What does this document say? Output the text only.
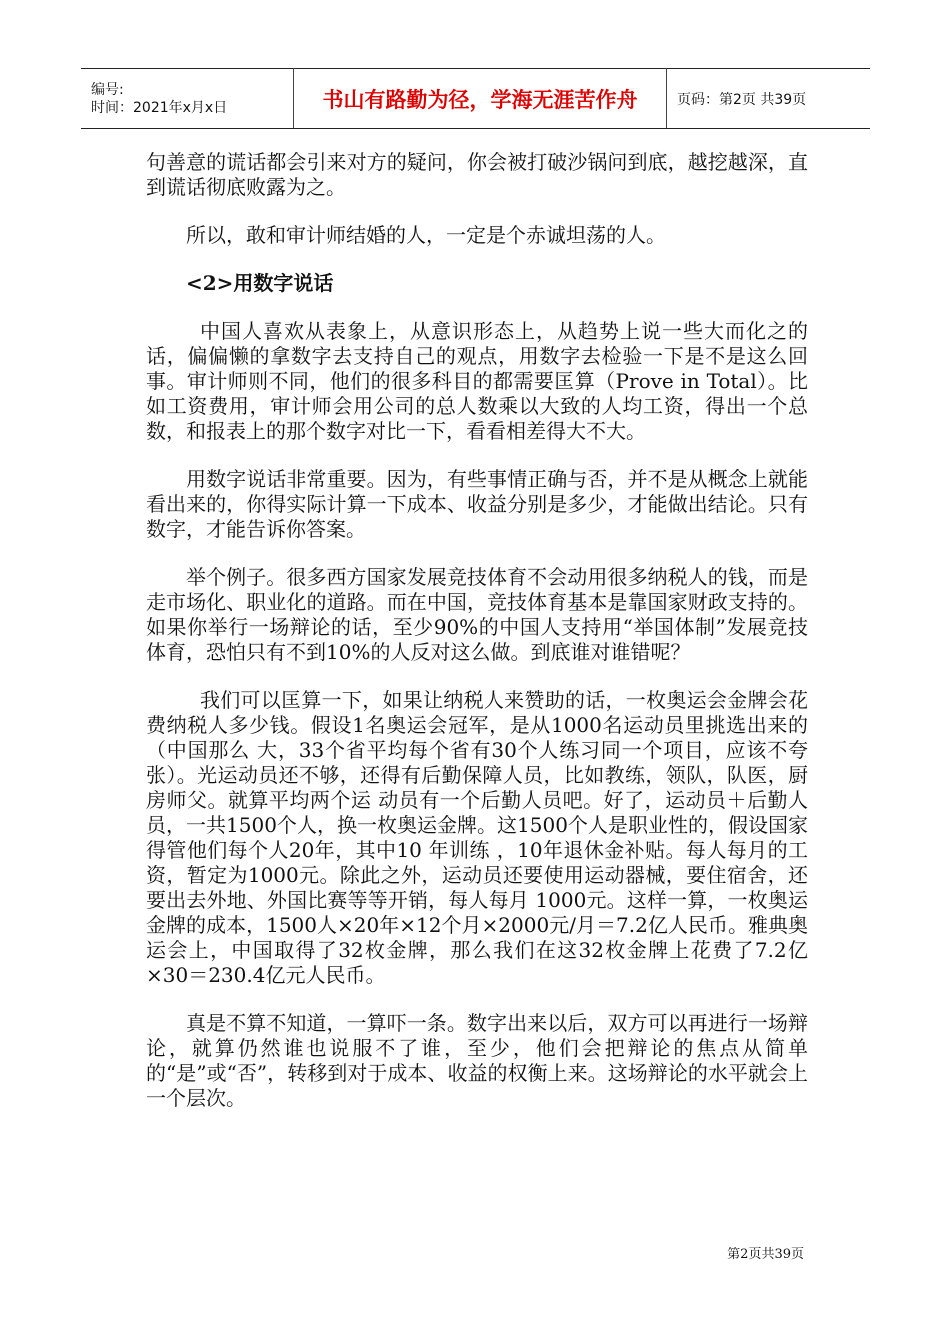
编号:
时间：2021年x月x日	书山有路勤为径，学海无涯苦作舟	页码：第2页 共39页

句善意的谎话都会引来对方的疑问，你会被打破沙锅问到底，越挖越深，直到谎话彻底败露为之。

所以，敢和审计师结婚的人，一定是个赤诚坦荡的人。

<2>用数字说话

中国人喜欢从表象上，从意识形态上，从趋势上说一些大而化之的话，偏偏懒的拿数字去支持自己的观点，用数字去检验一下是不是这么回事。审计师则不同，他们的很多科目的都需要匡算（Prove in Total）。比如工资费用，审计师会用公司的总人数乘以大致的人均工资，得出一个总数，和报表上的那个数字对比一下，看看相差得大不大。

用数字说话非常重要。因为，有些事情正确与否，并不是从概念上就能看出来的，你得实际计算一下成本、收益分别是多少，才能做出结论。只有数字，才能告诉你答案。

举个例子。很多西方国家发展竞技体育不会动用很多纳税人的钱，而是走市场化、职业化的道路。而在中国，竞技体育基本是靠国家财政支持的。如果你举行一场辩论的话，至少90%的中国人支持用“举国体制”发展竞技体育，恐怕只有不到10%的人反对这么做。到底谁对谁错呢？

我们可以匡算一下，如果让纳税人来赞助的话，一枚奥运会金牌会花费纳税人多少钱。假设1名奥运会冠军，是从1000名运动员里挑选出来的（中国那么 大，33个省平均每个省有30个人练习同一个项目，应该不夸张）。光运动员还不够，还得有后勤保障人员，比如教练，领队，队医，厨房师父。就算平均两个运 动员有一个后勤人员吧。好了，运动员＋后勤人员，一共1500个人，换一枚奥运金牌。这1500个人是职业性的，假设国家得管他们每个人20年，其中10 年训练 ，10年退休金补贴。每人每月的工资，暂定为1000元。除此之外，运动员还要使用运动器械，要住宿舍，还要出去外地、外国比赛等等开销，每人每月 1000元。这样一算，一枚奥运金牌的成本，1500人×20年×12个月×2000元/月＝7.2亿人民币。雅典奥运会上，中国取得了32枚金牌，那么我们在这32枚金牌上花费了7.2亿×30＝230.4亿元人民币。

真是不算不知道，一算吓一条。数字出来以后，双方可以再进行一场辩论，就算仍然谁也说服不了谁，至少，他们会把辩论的焦点从简单的“是”或“否”，转移到对于成本、收益的权衡上来。这场辩论的水平就会上一个层次。

第2页共39页
